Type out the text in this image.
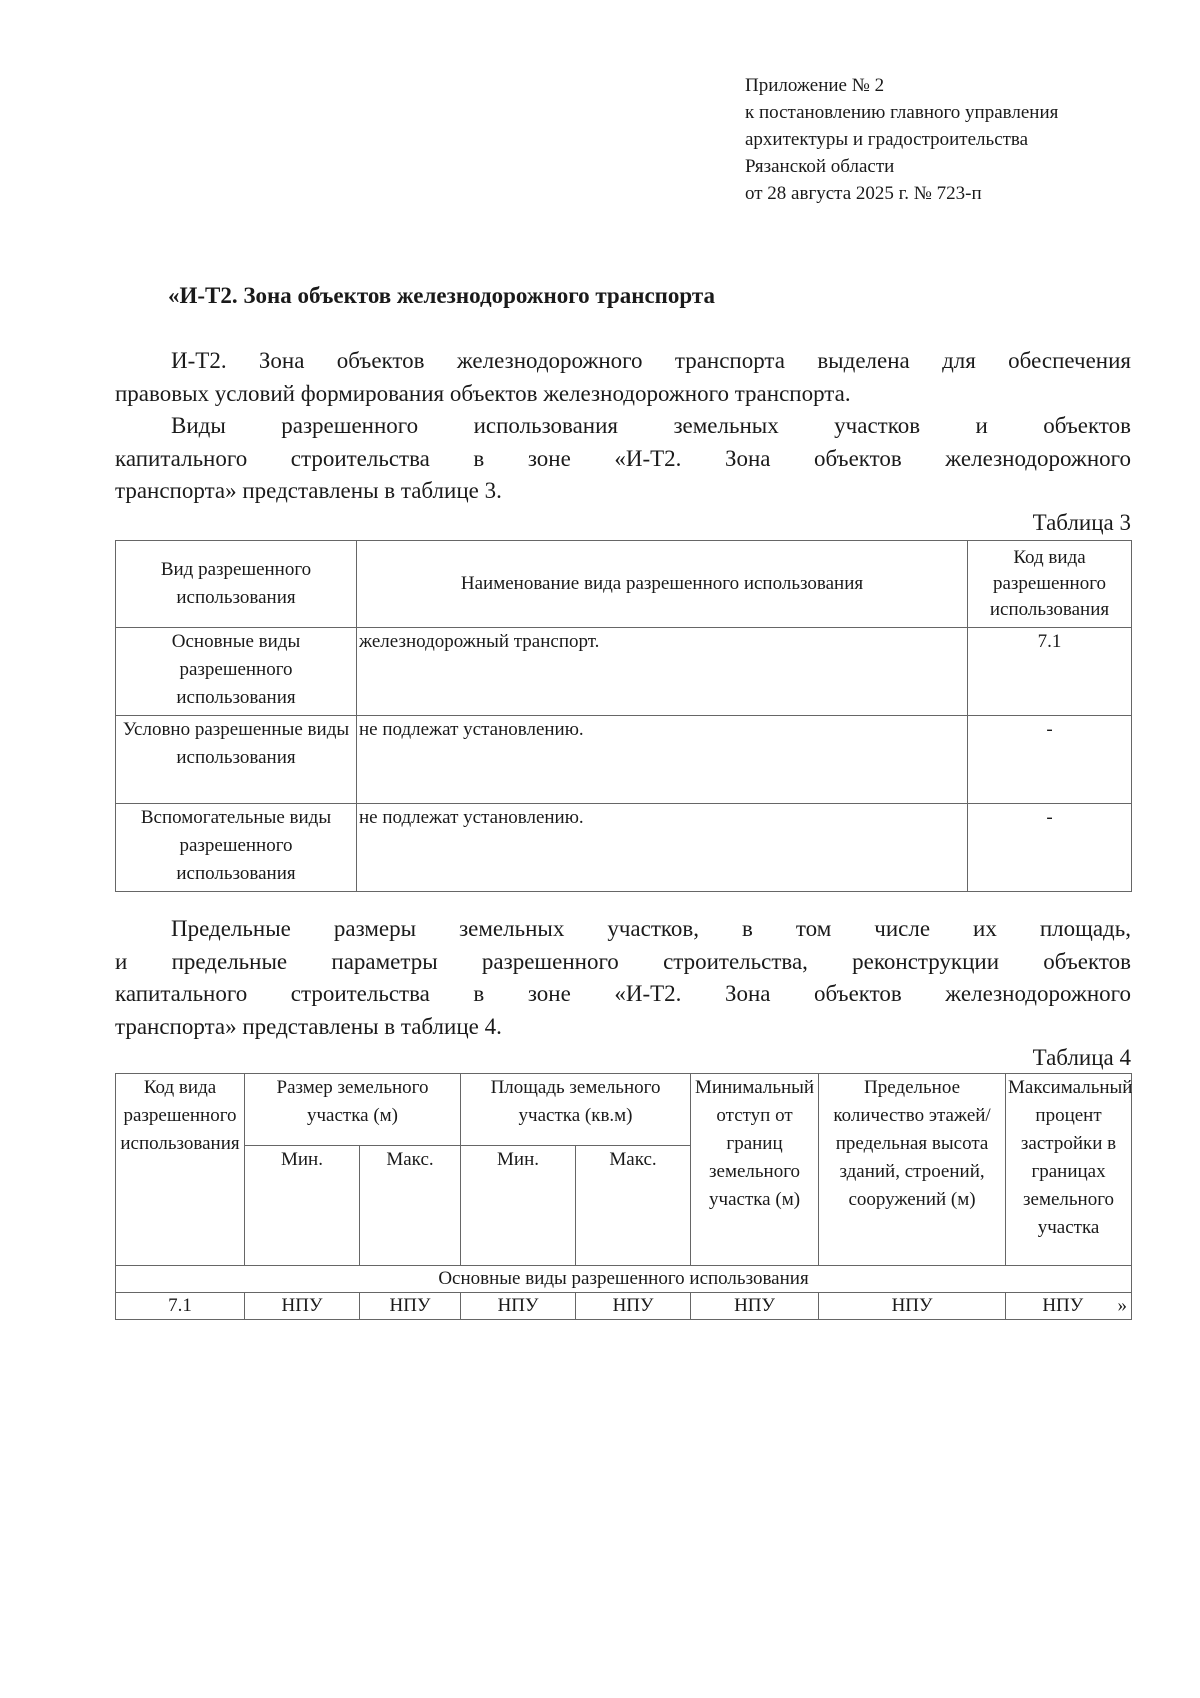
Приложение № 2
к постановлению главного управления
архитектуры и градостроительства
Рязанской области
от 28 августа 2025 г. № 723-п
«И-Т2. Зона объектов железнодорожного транспорта
И-Т2. Зона объектов железнодорожного транспорта выделена для обеспечения
правовых условий формирования объектов железнодорожного транспорта.
Виды разрешенного использования земельных участков и объектов
капитального строительства в зоне «И-Т2. Зона объектов железнодорожного
транспорта» представлены в таблице 3.
Таблица 3
Вид разрешенного использования	Наименование вида разрешенного использования	Код вида разрешенного использования
Основные виды разрешенного использования	железнодорожный транспорт.	7.1
Условно разрешенные виды использования	не подлежат установлению.	-
Вспомогательные виды разрешенного использования	не подлежат установлению.	-
Предельные размеры земельных участков, в том числе их площадь,
и предельные параметры разрешенного строительства, реконструкции объектов
капитального строительства в зоне «И-Т2. Зона объектов железнодорожного
транспорта» представлены в таблице 4.
Таблица 4
Код вида разрешенного использования	Размер земельного участка (м)		Площадь земельного участка (кв.м)		Минимальный отступ от границ земельного участка (м)	Предельное количество этажей/ предельная высота зданий, строений, сооружений (м)	Максимальный процент застройки в границах земельного участка
	Мин.	Макс.	Мин.	Макс.			
Основные виды разрешенного использования							
7.1	НПУ	НПУ	НПУ	НПУ	НПУ	НПУ	НПУ »
